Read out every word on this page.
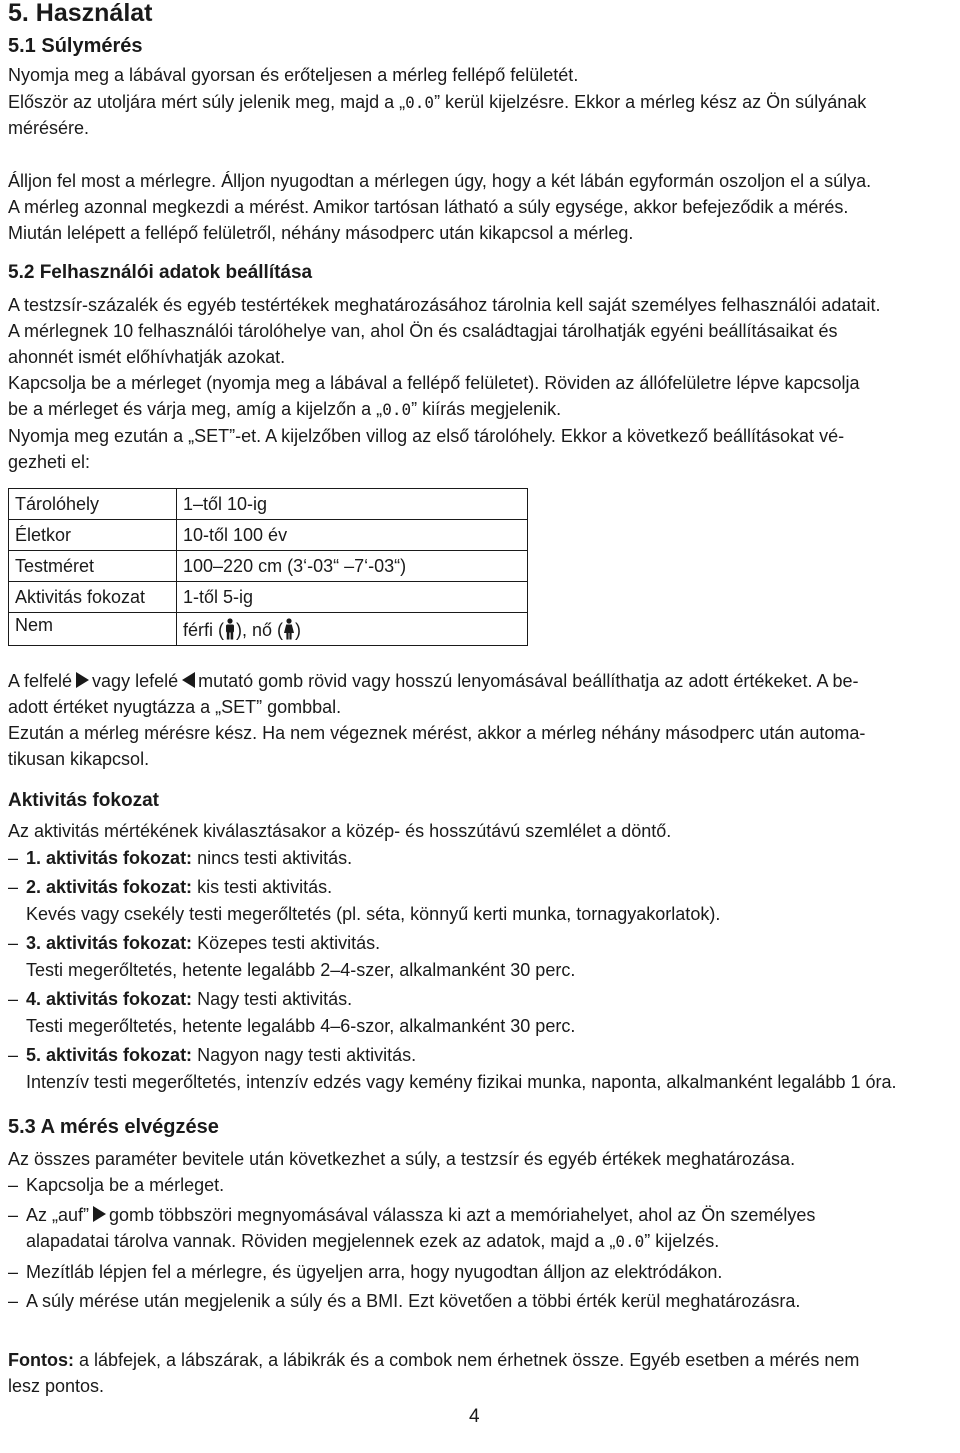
5. Használat
5.1 Súlymérés

Nyomja meg a lábával gyorsan és erőteljesen a mérleg fellépő felületét.

Először az utoljára mért súly jelenik meg, majd a „0.0” kerül kijelzésre. Ekkor a mérleg kész az Ön súlyának

mérésére.

Álljon fel most a mérlegre. Álljon nyugodtan a mérlegen úgy, hogy a két lábán egyformán oszoljon el a súlya.

A mérleg azonnal megkezdi a mérést. Amikor tartósan látható a súly egysége, akkor befejeződik a mérés.

Miután lelépett a fellépő felületről, néhány másodperc után kikapcsol a mérleg.

5.2 Felhasználói adatok beállítása

A testzsír-százalék és egyéb testértékek meghatározásához tárolnia kell saját személyes felhasználói adatait.

A mérlegnek 10 felhasználói tárolóhelye van, ahol Ön és családtagjai tárolhatják egyéni beállításaikat és

ahonnét ismét előhívhatják azokat.

Kapcsolja be a mérleget (nyomja meg a lábával a fellépő felületet). Röviden az állófelületre lépve kapcsolja

be a mérleget és várja meg, amíg a kijelzőn a „0.0” kiírás megjelenik.

Nyomja meg ezután a „SET”-et. A kijelzőben villog az első tárolóhely. Ekkor a következő beállításokat vé-

gezheti el:

Tárolóhely	1–től 10-ig
Életkor	10-től 100 év
Testméret	100–220 cm (3‘-03“ –7‘-03“)
Aktivitás fokozat	1-től 5-ig
Nem	férfi ( ), nő ( )

A felfelé vagy lefelé mutató gomb rövid vagy hosszú lenyomásával beállíthatja az adott értékeket. A be-

adott értéket nyugtázza a „SET” gombbal.

Ezután a mérleg mérésre kész. Ha nem végeznek mérést, akkor a mérleg néhány másodperc után automa-

tikusan kikapcsol.

Aktivitás fokozat

Az aktivitás mértékének kiválasztásakor a közép- és hosszútávú szemlélet a döntő.

– 1. aktivitás fokozat: nincs testi aktivitás.
– 2. aktivitás fokozat: kis testi aktivitás.

Kevés vagy csekély testi megerőltetés (pl. séta, könnyű kerti munka, tornagyakorlatok).

– 3. aktivitás fokozat: Közepes testi aktivitás.

Testi megerőltetés, hetente legalább 2–4-szer, alkalmanként 30 perc.

– 4. aktivitás fokozat: Nagy testi aktivitás.

Testi megerőltetés, hetente legalább 4–6-szor, alkalmanként 30 perc.

– 5. aktivitás fokozat: Nagyon nagy testi aktivitás.

Intenzív testi megerőltetés, intenzív edzés vagy kemény fizikai munka, naponta, alkalmanként legalább 1 óra.

5.3 A mérés elvégzése

Az összes paraméter bevitele után következhet a súly, a testzsír és egyéb értékek meghatározása.

– Kapcsolja be a mérleget.
– Az „auf” gomb többszöri megnyomásával válassza ki azt a memóriahelyet, ahol az Ön személyes

alapadatai tárolva vannak. Röviden megjelennek ezek az adatok, majd a „0.0” kijelzés.

– Mezítláb lépjen fel a mérlegre, és ügyeljen arra, hogy nyugodtan álljon az elektródákon.
– A súly mérése után megjelenik a súly és a BMI. Ezt követően a többi érték kerül meghatározásra.

Fontos: a lábfejek, a lábszárak, a lábikrák és a combok nem érhetnek össze. Egyéb esetben a mérés nem

lesz pontos.

4
